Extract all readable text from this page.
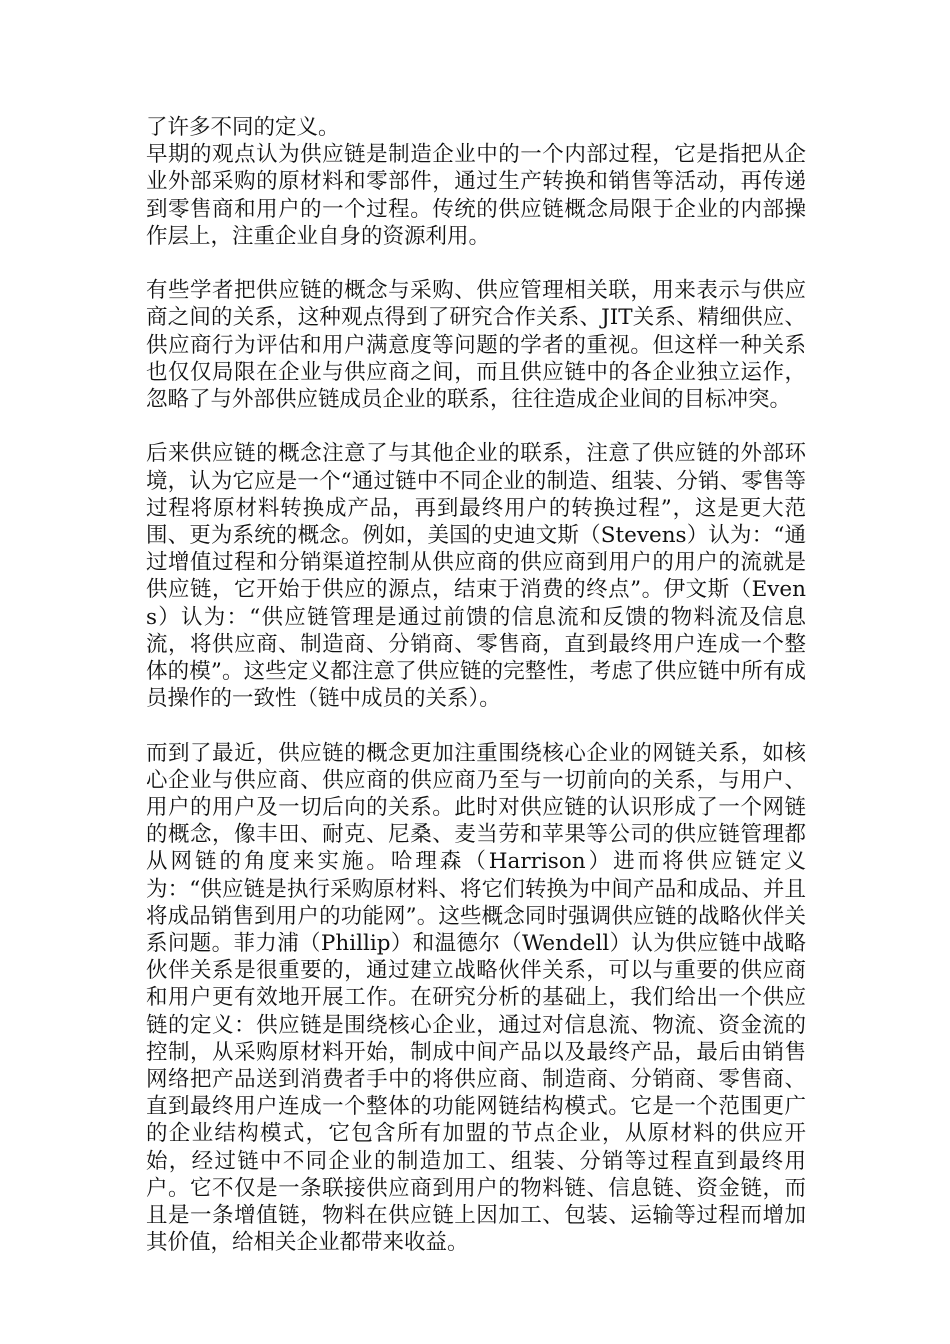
了许多不同的定义。

早期的观点认为供应链是制造企业中的一个内部过程，它是指把从企业外部采购的原材料和零部件，通过生产转换和销售等活动，再传递到零售商和用户的一个过程。传统的供应链概念局限于企业的内部操作层上，注重企业自身的资源利用。

有些学者把供应链的概念与采购、供应管理相关联，用来表示与供应商之间的关系，这种观点得到了研究合作关系、JIT关系、精细供应、供应商行为评估和用户满意度等问题的学者的重视。但这样一种关系也仅仅局限在企业与供应商之间，而且供应链中的各企业独立运作，忽略了与外部供应链成员企业的联系，往往造成企业间的目标冲突。

后来供应链的概念注意了与其他企业的联系，注意了供应链的外部环境，认为它应是一个“通过链中不同企业的制造、组装、分销、零售等过程将原材料转换成产品，再到最终用户的转换过程”，这是更大范围、更为系统的概念。例如，美国的史迪文斯（Stevens）认为：“通过增值过程和分销渠道控制从供应商的供应商到用户的用户的流就是供应链，它开始于供应的源点，结束于消费的终点”。伊文斯（Evens）认为：“供应链管理是通过前馈的信息流和反馈的物料流及信息流，将供应商、制造商、分销商、零售商，直到最终用户连成一个整体的模”。这些定义都注意了供应链的完整性，考虑了供应链中所有成员操作的一致性（链中成员的关系）。

而到了最近，供应链的概念更加注重围绕核心企业的网链关系，如核心企业与供应商、供应商的供应商乃至与一切前向的关系，与用户、用户的用户及一切后向的关系。此时对供应链的认识形成了一个网链的概念，像丰田、耐克、尼桑、麦当劳和苹果等公司的供应链管理都从网链的角度来实施。哈理森（Harrison）进而将供应链定义为：“供应链是执行采购原材料、将它们转换为中间产品和成品、并且将成品销售到用户的功能网”。这些概念同时强调供应链的战略伙伴关系问题。菲力浦（Phillip）和温德尔（Wendell）认为供应链中战略伙伴关系是很重要的，通过建立战略伙伴关系，可以与重要的供应商和用户更有效地开展工作。在研究分析的基础上，我们给出一个供应链的定义：供应链是围绕核心企业，通过对信息流、物流、资金流的控制，从采购原材料开始，制成中间产品以及最终产品，最后由销售网络把产品送到消费者手中的将供应商、制造商、分销商、零售商、直到最终用户连成一个整体的功能网链结构模式。它是一个范围更广的企业结构模式，它包含所有加盟的节点企业，从原材料的供应开始，经过链中不同企业的制造加工、组装、分销等过程直到最终用户。它不仅是一条联接供应商到用户的物料链、信息链、资金链，而且是一条增值链，物料在供应链上因加工、包装、运输等过程而增加其价值，给相关企业都带来收益。
